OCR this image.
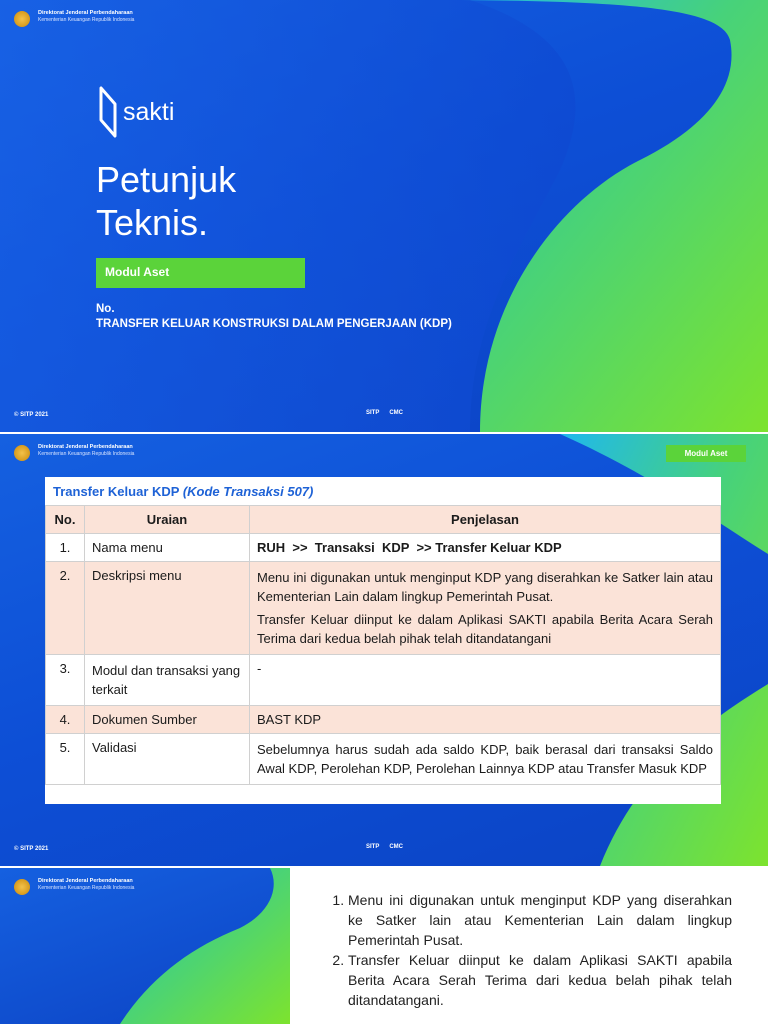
Direktorat Jenderal Perbendaharaan
Kementerian Keuangan Republik Indonesia
sakti
Petunjuk
Teknis.
Modul Aset
No.
TRANSFER KELUAR KONSTRUKSI DALAM PENGERJAAN (KDP)
© SITP 2021	SITP CMC
Direktorat Jenderal Perbendaharaan
Kementerian Keuangan Republik Indonesia	Modul Aset
Transfer Keluar KDP (Kode Transaksi 507)
No.	Uraian	Penjelasan
1.	Nama menu	RUH  >>  Transaksi  KDP  >> Transfer Keluar KDP

2.	Deskripsi menu	Menu ini digunakan untuk menginput KDP yang diserahkan ke Satker lain atau Kementerian Lain dalam lingkup Pemerintah Pusat.

Transfer Keluar diinput ke dalam Aplikasi SAKTI apabila Berita Acara Serah Terima dari kedua belah pihak telah ditandatangani

3.	Modul dan transaksi yang terkait	-

4.	Dokumen Sumber	BAST KDP

5.	Validasi	Sebelumnya harus sudah ada saldo KDP, baik berasal dari transaksi Saldo Awal KDP, Perolehan KDP, Perolehan Lainnya KDP atau Transfer Masuk KDP

© SITP 2021	SITP CMC
Direktorat Jenderal Perbendaharaan
Kementerian Keuangan Republik Indonesia
1. Menu ini digunakan untuk menginput KDP yang diserahkan ke Satker lain atau Kementerian Lain dalam lingkup Pemerintah Pusat.
2. Transfer Keluar diinput ke dalam Aplikasi SAKTI apabila Berita Acara Serah Terima dari kedua belah pihak telah ditandatangani.
